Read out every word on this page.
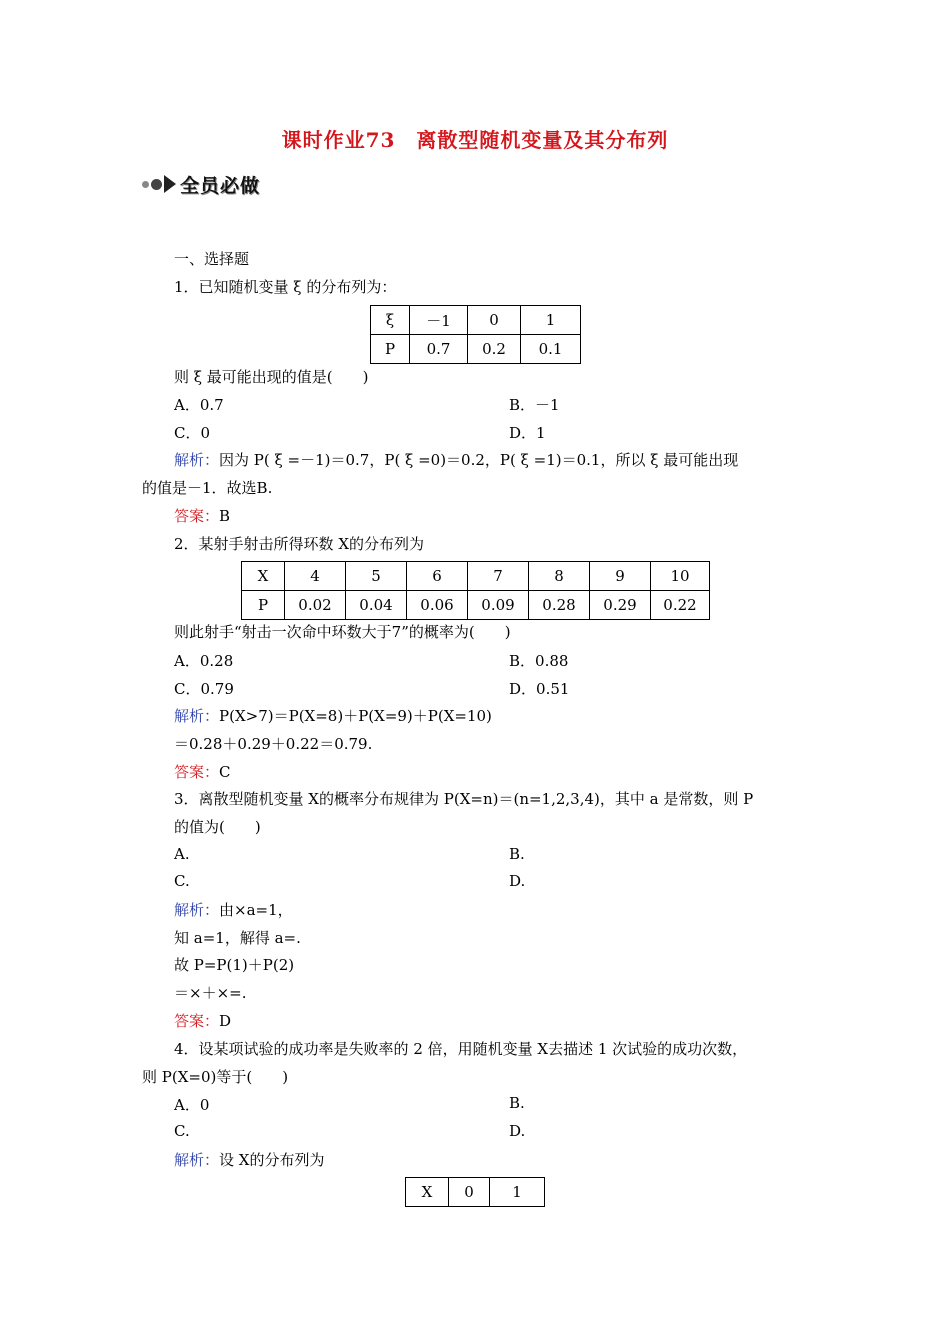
课时作业73　离散型随机变量及其分布列
全员必做
一、选择题
1．已知随机变量 ξ 的分布列为：
ξ	－1	0	1
P	0.7	0.2	0.1
则 ξ 最可能出现的值是(　　)
A．0.7	B．－1
C．0	D．1
解析：因为 P( ξ =－1)＝0.7，P( ξ =0)＝0.2，P( ξ =1)＝0.1，所以 ξ 最可能出现
的值是－1．故选B.
答案：B
2．某射手射击所得环数 X的分布列为
X	4	5	6	7	8	9	10
P	0.02	0.04	0.06	0.09	0.28	0.29	0.22
则此射手“射击一次命中环数大于7”的概率为(　　)
A．0.28	B．0.88
C．0.79	D．0.51
解析：P(X>7)＝P(X=8)＋P(X=9)＋P(X=10)
＝0.28＋0.29＋0.22＝0.79.
答案：C
3．离散型随机变量 X的概率分布规律为 P(X=n)＝(n=1,2,3,4)，其中 a 是常数，则 P
的值为(　　)
A.	B.
C.	D.
解析：由×a=1，
知 a=1，解得 a=.
故 P=P(1)＋P(2)
＝×＋×=.
答案：D
4．设某项试验的成功率是失败率的 2 倍，用随机变量 X去描述 1 次试验的成功次数，
则 P(X=0)等于(　　)
A．0	B.
C.	D.
解析：设 X的分布列为
X	0	1
